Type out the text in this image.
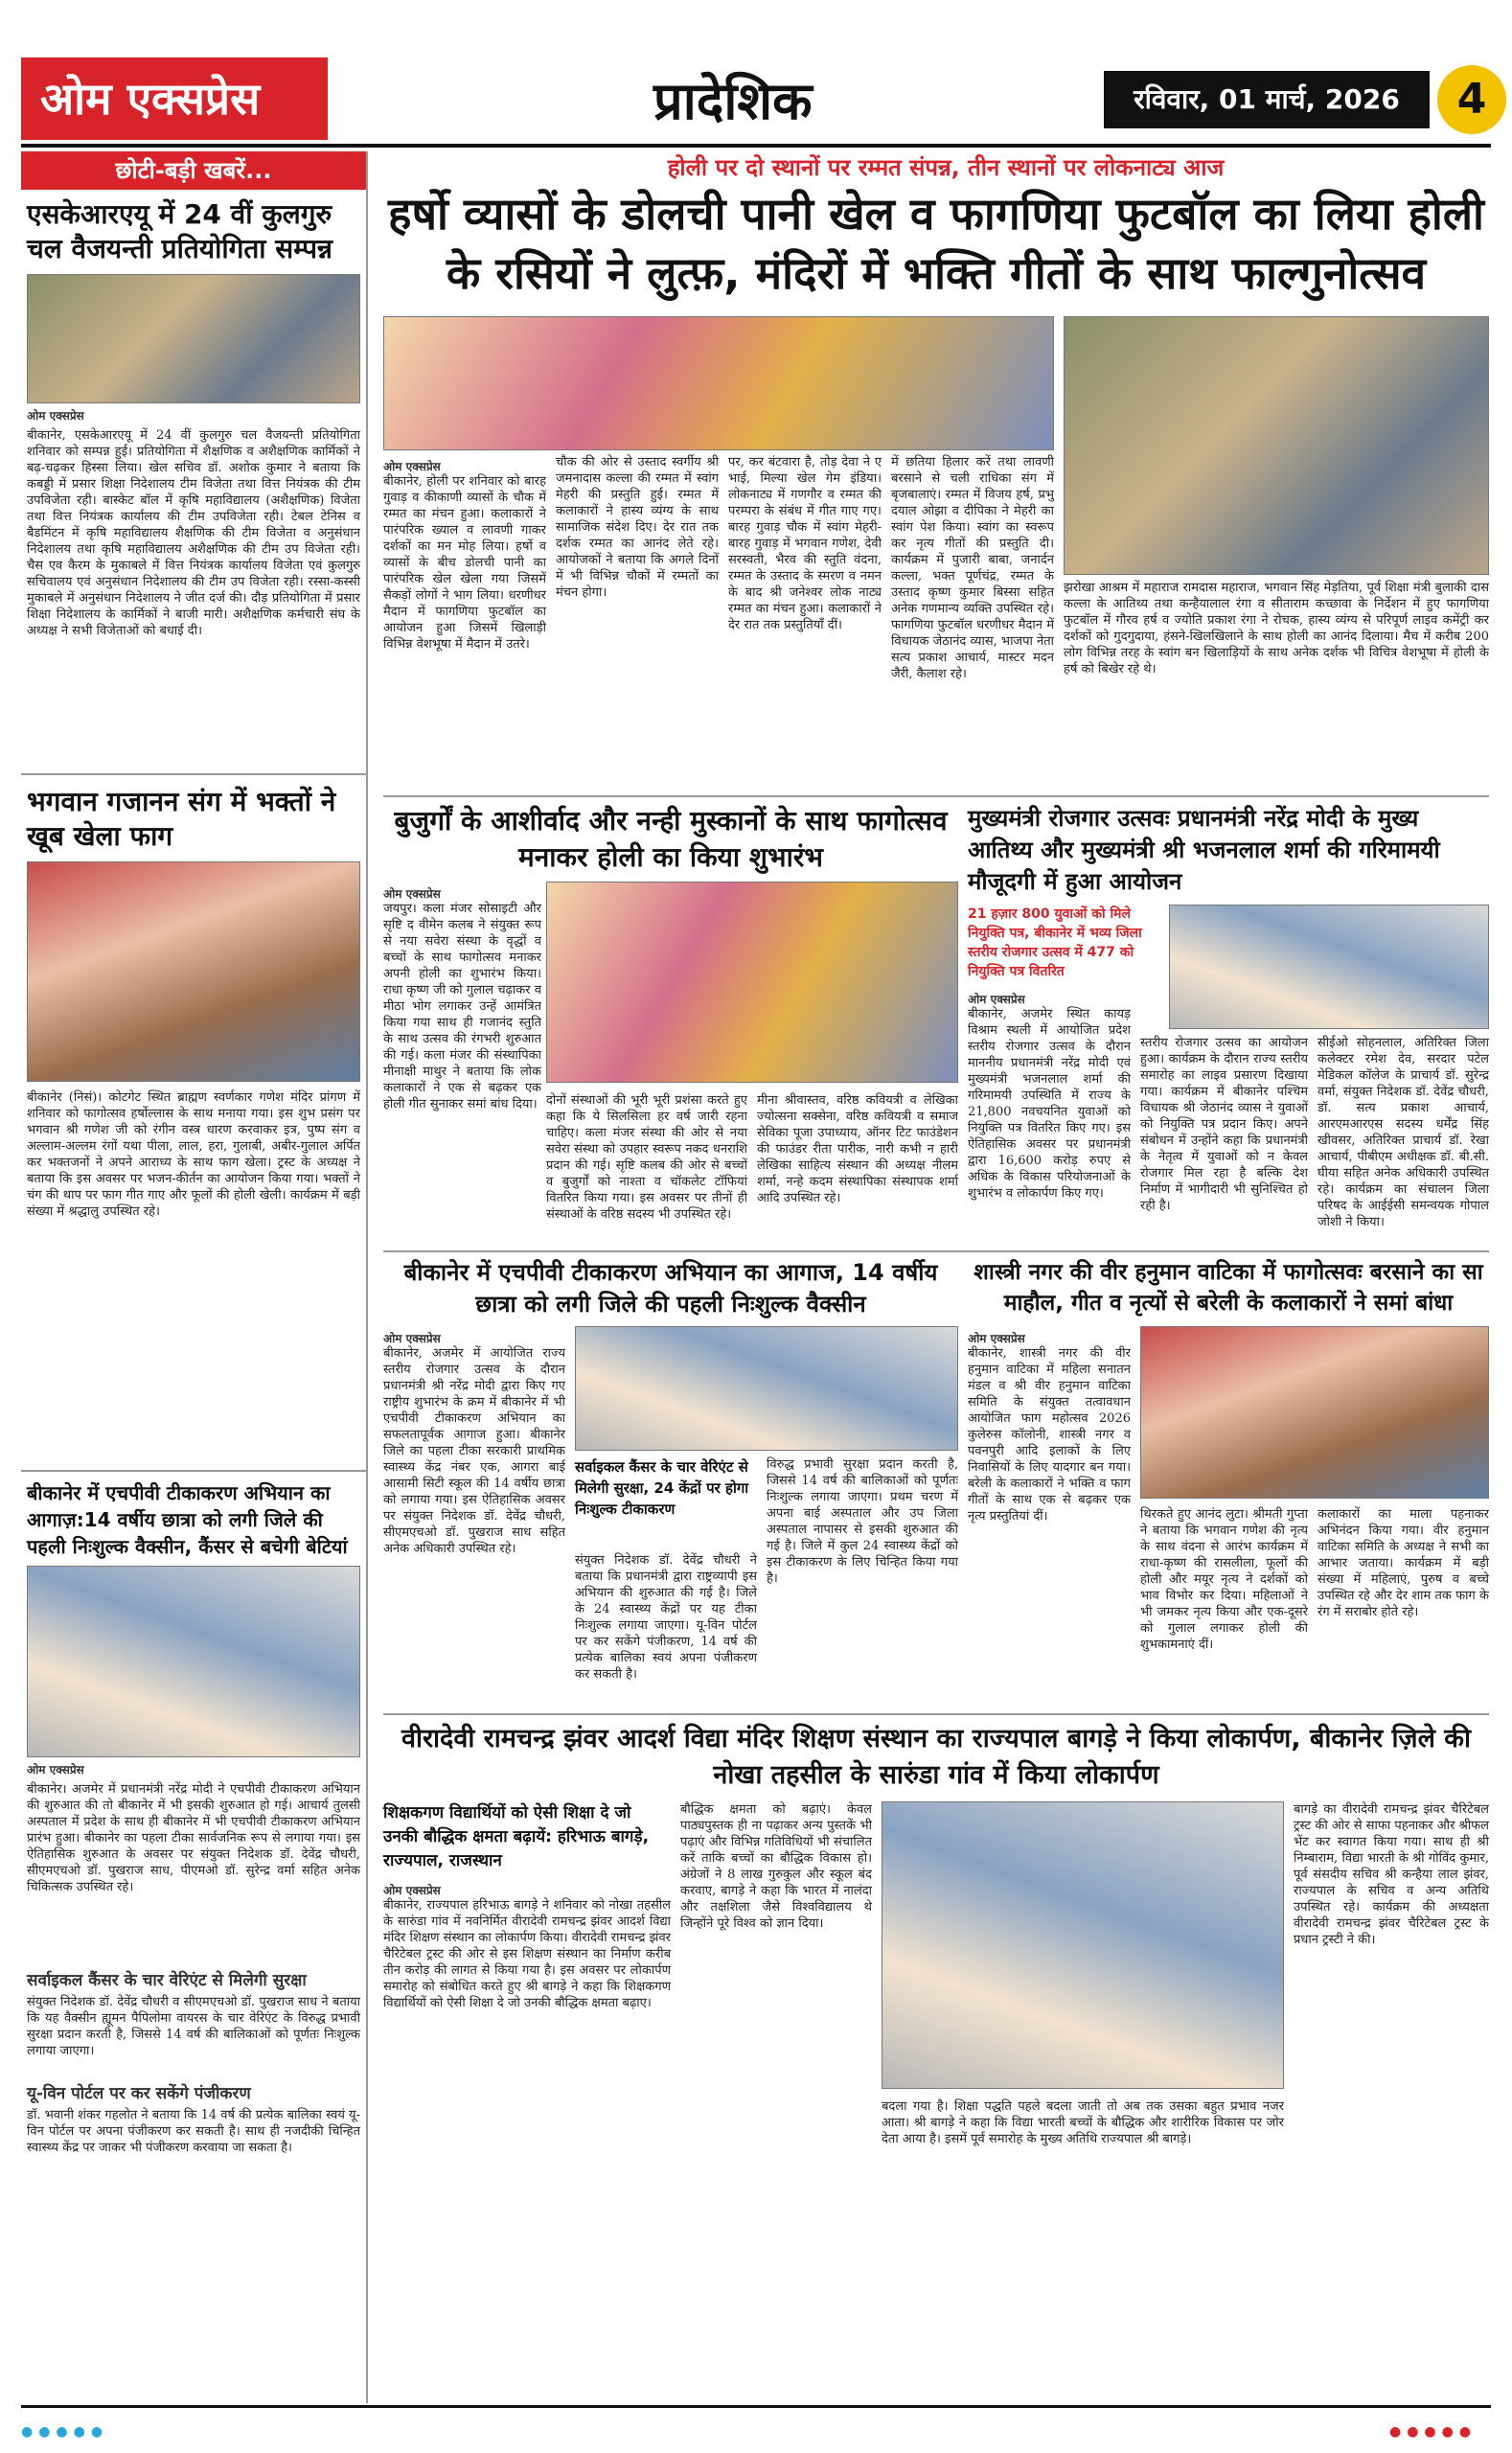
ओम एक्सप्रेस	प्रादेशिक	रविवार, 01 मार्च, 2026	4
छोटी-बड़ी खबरें...
एसकेआरएयू में 24 वीं कुलगुरु चल वैजयन्ती प्रतियोगिता सम्पन्न
ओम एक्सप्रेस
बीकानेर, एसकेआरएयू में 24 वीं कुलगुरु चल वैजयन्ती प्रतियोगिता शनिवार को सम्पन्न हुई। प्रतियोगिता में शैक्षणिक व अशैक्षणिक कार्मिकों ने बढ़-चढ़कर हिस्सा लिया। खेल सचिव डॉ. अशोक कुमार ने बताया कि कबड्डी में प्रसार शिक्षा निदेशालय टीम विजेता तथा वित्त नियंत्रक की टीम उपविजेता रही। बास्केट बॉल में कृषि महाविद्यालय (अशैक्षणिक) विजेता तथा वित्त नियंत्रक कार्यालय की टीम उपविजेता रही। टेबल टेनिस व बैडमिंटन में कृषि महाविद्यालय शैक्षणिक की टीम विजेता व अनुसंधान निदेशालय तथा कृषि महाविद्यालय अशैक्षणिक की टीम उप विजेता रही। चैस एव कैरम के मुकाबले में वित्त नियंत्रक कार्यालय विजेता एवं कुलगुरु सचिवालय एवं अनुसंधान निदेशालय की टीम उप विजेता रही। रस्सा-कस्सी मुकाबले में अनुसंधान निदेशालय ने जीत दर्ज की। दौड़ प्रतियोगिता में प्रसार शिक्षा निदेशालय के कार्मिकों ने बाजी मारी। अशैक्षणिक कर्मचारी संघ के अध्यक्ष ने सभी विजेताओं को बधाई दी।
भगवान गजानन संग में भक्तों ने खूब खेला फाग
बीकानेर (निसं)। कोटगेट स्थित ब्राह्मण स्वर्णकार गणेश मंदिर प्रांगण में शनिवार को फागोत्सव हर्षोल्लास के साथ मनाया गया। इस शुभ प्रसंग पर भगवान श्री गणेश जी को रंगीन वस्त्र धारण करवाकर इत्र, पुष्प संग व अल्लाम-अल्लम रंगों यथा पीला, लाल, हरा, गुलाबी, अबीर-गुलाल अर्पित कर भक्तजनों ने अपने आराध्य के साथ फाग खेला। ट्रस्ट के अध्यक्ष ने बताया कि इस अवसर पर भजन-कीर्तन का आयोजन किया गया। भक्तों ने चंग की थाप पर फाग गीत गाए और फूलों की होली खेली। कार्यक्रम में बड़ी संख्या में श्रद्धालु उपस्थित रहे।
बीकानेर में एचपीवी टीकाकरण अभियान का आगाज़:14 वर्षीय छात्रा को लगी जिले की पहली निःशुल्क वैक्सीन, कैंसर से बचेगी बेटियां
ओम एक्सप्रेस
बीकानेर। अजमेर में प्रधानमंत्री नरेंद्र मोदी ने एचपीवी टीकाकरण अभियान की शुरुआत की तो बीकानेर में भी इसकी शुरुआत हो गई। आचार्य तुलसी अस्पताल में प्रदेश के साथ ही बीकानेर में भी एचपीवी टीकाकरण अभियान प्रारंभ हुआ। बीकानेर का पहला टीका सार्वजनिक रूप से लगाया गया। इस ऐतिहासिक शुरुआत के अवसर पर संयुक्त निदेशक डॉ. देवेंद्र चौधरी, सीएमएचओ डॉ. पुखराज साध, पीएमओ डॉ. सुरेन्द्र वर्मा सहित अनेक चिकित्सक उपस्थित रहे।
सर्वाइकल कैंसर के चार वेरिएंट से मिलेगी सुरक्षा
संयुक्त निदेशक डॉ. देवेंद्र चौधरी व सीएमएचओ डॉ. पुखराज साध ने बताया कि यह वैक्सीन ह्यूमन पैपिलोमा वायरस के चार वेरिएंट के विरुद्ध प्रभावी सुरक्षा प्रदान करती है, जिससे 14 वर्ष की बालिकाओं को पूर्णतः निःशुल्क लगाया जाएगा।
यू-विन पोर्टल पर कर सकेंगे पंजीकरण
डॉ. भवानी शंकर गहलोत ने बताया कि 14 वर्ष की प्रत्येक बालिका स्वयं यू-विन पोर्टल पर अपना पंजीकरण कर सकती है। साथ ही नजदीकी चिन्हित स्वास्थ्य केंद्र पर जाकर भी पंजीकरण करवाया जा सकता है।
होली पर दो स्थानों पर रम्मत संपन्न, तीन स्थानों पर लोकनाट्य आज
हर्षो व्यासों के डोलची पानी खेल व फागणिया फुटबॉल का लिया होली के रसियों ने लुत्फ़, मंदिरों में भक्ति गीतों के साथ फाल्गुनोत्सव
ओम एक्सप्रेस
बीकानेर, होली पर शनिवार को बारह गुवाड़ व कीकाणी व्यासों के चौक में रम्मत का मंचन हुआ। कलाकारों ने पारंपरिक ख्याल व लावणी गाकर दर्शकों का मन मोह लिया। हर्षो व व्यासों के बीच डोलची पानी का पारंपरिक खेल खेला गया जिसमें सैकड़ों लोगों ने भाग लिया। धरणीधर मैदान में फागणिया फुटबॉल का आयोजन हुआ जिसमें खिलाड़ी विभिन्न वेशभूषा में मैदान में उतरे।
चौक की ओर से उस्ताद स्वर्गीय श्री जमनादास कल्ला की रम्मत में स्वांग मेहरी की प्रस्तुति हुई। रम्मत में कलाकारों ने हास्य व्यंग्य के साथ सामाजिक संदेश दिए। देर रात तक दर्शक रम्मत का आनंद लेते रहे। आयोजकों ने बताया कि अगले दिनों में भी विभिन्न चौकों में रम्मतों का मंचन होगा।
पर, कर बंटवारा है, तोड़ देवा ने ए भाई, मिल्या खेल गेम इंडिया। लोकनाट्य में गणगौर व रम्मत की परम्परा के संबंध में गीत गाए गए। बारह गुवाड़ चौक में स्वांग मेहरी-बारह गुवाड़ में भगवान गणेश, देवी सरस्वती, भैरव की स्तुति वंदना, रम्मत के उस्ताद के स्मरण व नमन के बाद श्री जनेश्वर लोक नाट्य रम्मत का मंचन हुआ। कलाकारों ने देर रात तक प्रस्तुतियाँ दीं।
में छतिया हिलार करें तथा लावणी बरसाने से चली राधिका संग में बृजबालाएं। रम्मत में विजय हर्ष, प्रभु दयाल ओझा व दीपिका ने मेहरी का स्वांग पेश किया। स्वांग का स्वरूप कर नृत्य गीतों की प्रस्तुति दी। कार्यक्रम में पुजारी बाबा, जनार्दन कल्ला, भक्त पूर्णचंद्र, रम्मत के उस्ताद कृष्ण कुमार बिस्सा सहित अनेक गणमान्य व्यक्ति उपस्थित रहे। फागणिया फुटबॉल धरणीधर मैदान में विधायक जेठानंद व्यास, भाजपा नेता सत्य प्रकाश आचार्य, मास्टर मदन जैरी, कैलाश रहे।
झरोखा आश्रम में महाराज रामदास महाराज, भगवान सिंह मेड़तिया, पूर्व शिक्षा मंत्री बुलाकी दास कल्ला के आतिथ्य तथा कन्हैयालाल रंगा व सीताराम कच्छावा के निर्देशन में हुए फागणिया फुटबॉल में गौरव हर्ष व ज्योति प्रकाश रंगा ने रोचक, हास्य व्यंग्य से परिपूर्ण लाइव कमेंट्री कर दर्शकों को गुदगुदाया, हंसने-खिलखिलाने के साथ होली का आनंद दिलाया। मैच में करीब 200 लोग विभिन्न तरह के स्वांग बन खिलाड़ियों के साथ अनेक दर्शक भी विचित्र वेशभूषा में होली के हर्ष को बिखेर रहे थे।
बुजुर्गों के आशीर्वाद और नन्ही मुस्कानों के साथ फागोत्सव मनाकर होली का किया शुभारंभ
ओम एक्सप्रेस
जयपुर। कला मंजर सोसाइटी और सृष्टि द वीमेन कलब ने संयुक्त रूप से नया सवेरा संस्था के वृद्धों व बच्चों के साथ फागोत्सव मनाकर अपनी होली का शुभारंभ किया। राधा कृष्ण जी को गुलाल चढ़ाकर व मीठा भोग लगाकर उन्हें आमंत्रित किया गया साथ ही गजानंद स्तुति के साथ उत्सव की रंगभरी शुरुआत की गई। कला मंजर की संस्थापिका मीनाक्षी माथुर ने बताया कि लोक कलाकारों ने एक से बढ़कर एक होली गीत सुनाकर समां बांध दिया। दोनों संस्थाओं की भूरी भूरी प्रशंसा करते हुए कहा कि ये सिलसिला हर वर्ष जारी रहना चाहिए। कला मंजर संस्था की ओर से नया सवेरा संस्था को उपहार स्वरूप नकद धनराशि प्रदान की गई। सृष्टि कलब की ओर से बच्चों व बुजुर्गों को नाश्ता व चॉकलेट टॉफियां वितरित किया गया। इस अवसर पर तीनों ही संस्थाओं के वरिष्ठ सदस्य भी उपस्थित रहे।
मीना श्रीवास्तव, वरिष्ठ कवियत्री व लेखिका ज्योत्सना सक्सेना, वरिष्ठ कवियत्री व समाज सेविका पूजा उपाध्याय, ऑनर टिट फाउंडेशन की फाउंडर रीता पारीक, नारी कभी न हारी लेखिका साहित्य संस्थान की अध्यक्ष नीलम शर्मा, नन्हे कदम संस्थापिका संस्थापक शर्मा आदि उपस्थित रहे।
मुख्यमंत्री रोजगार उत्सवः प्रधानमंत्री नरेंद्र मोदी के मुख्य आतिथ्य और मुख्यमंत्री श्री भजनलाल शर्मा की गरिमामयी मौजूदगी में हुआ आयोजन
21 हज़ार 800 युवाओं को मिले नियुक्ति पत्र, बीकानेर में भव्य जिला स्तरीय रोजगार उत्सव में 477 को नियुक्ति पत्र वितरित
ओम एक्सप्रेस
बीकानेर, अजमेर स्थित कायड़ विश्राम स्थली में आयोजित प्रदेश स्तरीय रोजगार उत्सव के दौरान माननीय प्रधानमंत्री नरेंद्र मोदी एवं मुख्यमंत्री भजनलाल शर्मा की गरिमामयी उपस्थिति में राज्य के 21,800 नवचयनित युवाओं को नियुक्ति पत्र वितरित किए गए। इस ऐतिहासिक अवसर पर प्रधानमंत्री द्वारा 16,600 करोड़ रुपए से अधिक के विकास परियोजनाओं के शुभारंभ व लोकार्पण किए गए।
स्तरीय रोजगार उत्सव का आयोजन हुआ। कार्यक्रम के दौरान राज्य स्तरीय समारोह का लाइव प्रसारण दिखाया गया। कार्यक्रम में बीकानेर पश्चिम विधायक श्री जेठानंद व्यास ने युवाओं को नियुक्ति पत्र प्रदान किए। अपने संबोधन में उन्होंने कहा कि प्रधानमंत्री के नेतृत्व में युवाओं को न केवल रोजगार मिल रहा है बल्कि देश निर्माण में भागीदारी भी सुनिश्चित हो रही है।
सीईओ सोहनलाल, अतिरिक्त जिला कलेक्टर रमेश देव, सरदार पटेल मेडिकल कॉलेज के प्राचार्य डॉ. सुरेन्द्र वर्मा, संयुक्त निदेशक डॉ. देवेंद्र चौधरी, डॉ. सत्य प्रकाश आचार्य, आरएमआरएस सदस्य धर्मेंद्र सिंह खीवसर, अतिरिक्त प्राचार्य डॉ. रेखा आचार्य, पीबीएम अधीक्षक डॉ. बी.सी. घीया सहित अनेक अधिकारी उपस्थित रहे। कार्यक्रम का संचालन जिला परिषद के आईईसी समन्वयक गोपाल जोशी ने किया।
बीकानेर में एचपीवी टीकाकरण अभियान का आगाज, 14 वर्षीय छात्रा को लगी जिले की पहली निःशुल्क वैक्सीन
ओम एक्सप्रेस
बीकानेर, अजमेर में आयोजित राज्य स्तरीय रोजगार उत्सव के दौरान प्रधानमंत्री श्री नरेंद्र मोदी द्वारा किए गए राष्ट्रीय शुभारंभ के क्रम में बीकानेर में भी एचपीवी टीकाकरण अभियान का सफलतापूर्वक आगाज हुआ। बीकानेर जिले का पहला टीका सरकारी प्राथमिक स्वास्थ्य केंद्र नंबर एक, आगरा बाई आसामी सिटी स्कूल की 14 वर्षीय छात्रा को लगाया गया। इस ऐतिहासिक अवसर पर संयुक्त निदेशक डॉ. देवेंद्र चौधरी, सीएमएचओ डॉ. पुखराज साध सहित अनेक अधिकारी उपस्थित रहे।
सर्वाइकल कैंसर के चार वेरिएंट से मिलेगी सुरक्षा, 24 केंद्रों पर होगा निःशुल्क टीकाकरण
संयुक्त निदेशक डॉ. देवेंद्र चौधरी ने बताया कि प्रधानमंत्री द्वारा राष्ट्रव्यापी इस अभियान की शुरुआत की गई है। जिले के 24 स्वास्थ्य केंद्रों पर यह टीका निःशुल्क लगाया जाएगा। यू-विन पोर्टल पर कर सकेंगे पंजीकरण, 14 वर्ष की प्रत्येक बालिका स्वयं अपना पंजीकरण कर सकती है।
विरुद्ध प्रभावी सुरक्षा प्रदान करती है, जिससे 14 वर्ष की बालिकाओं को पूर्णतः निःशुल्क लगाया जाएगा। प्रथम चरण में अपना बाई अस्पताल और उप जिला अस्पताल नापासर से इसकी शुरुआत की गई है। जिले में कुल 24 स्वास्थ्य केंद्रों को इस टीकाकरण के लिए चिन्हित किया गया है।
शास्त्री नगर की वीर हनुमान वाटिका में फागोत्सवः बरसाने का सा माहौल, गीत व नृत्यों से बरेली के कलाकारों ने समां बांधा
ओम एक्सप्रेस
बीकानेर, शास्त्री नगर की वीर हनुमान वाटिका में महिला सनातन मंडल व श्री वीर हनुमान वाटिका समिति के संयुक्त तत्वावधान आयोजित फाग महोत्सव 2026 कुलेरुस कॉलोनी, शास्त्री नगर व पवनपुरी आदि इलाकों के लिए निवासियों के लिए यादगार बन गया। बरेली के कलाकारों ने भक्ति व फाग गीतों के साथ एक से बढ़कर एक नृत्य प्रस्तुतियां दीं।	थिरकते हुए आनंद लुटा। श्रीमती गुप्ता ने बताया कि भगवान गणेश की नृत्य के साथ वंदना से आरंभ कार्यक्रम में राधा-कृष्ण की रासलीला, फूलों की होली और मयूर नृत्य ने दर्शकों को भाव विभोर कर दिया। महिलाओं ने भी जमकर नृत्य किया और एक-दूसरे को गुलाल लगाकर होली की शुभकामनाएं दीं।
कलाकारों का माला पहनाकर अभिनंदन किया गया। वीर हनुमान वाटिका समिति के अध्यक्ष ने सभी का आभार जताया। कार्यक्रम में बड़ी संख्या में महिलाएं, पुरुष व बच्चे उपस्थित रहे और देर शाम तक फाग के रंग में सराबोर होते रहे।
वीरादेवी रामचन्द्र झंवर आदर्श विद्या मंदिर शिक्षण संस्थान का राज्यपाल बागड़े ने किया लोकार्पण, बीकानेर ज़िले की नोखा तहसील के सारुंडा गांव में किया लोकार्पण
शिक्षकगण विद्यार्थियों को ऐसी शिक्षा दे जो उनकी बौद्धिक क्षमता बढ़ायें: हरिभाऊ बागड़े, राज्यपाल, राजस्थान
ओम एक्सप्रेस
बीकानेर, राज्यपाल हरिभाऊ बागड़े ने शनिवार को नोखा तहसील के सारुंडा गांव में नवनिर्मित वीरादेवी रामचन्द्र झंवर आदर्श विद्या मंदिर शिक्षण संस्थान का लोकार्पण किया। वीरादेवी रामचन्द्र झंवर चैरिटेबल ट्रस्ट की ओर से इस शिक्षण संस्थान का निर्माण करीब तीन करोड़ की लागत से किया गया है। इस अवसर पर लोकार्पण समारोह को संबोधित करते हुए श्री बागड़े ने कहा कि शिक्षकगण विद्यार्थियों को ऐसी शिक्षा दे जो उनकी बौद्धिक क्षमता बढ़ाए।
बौद्धिक क्षमता को बढ़ाएं। केवल पाठ्यपुस्तक ही ना पढ़ाकर अन्य पुस्तकें भी पढ़ाएं और विभिन्न गतिविधियों भी संचालित करें ताकि बच्चों का बौद्धिक विकास हो। अंग्रेजों ने 8 लाख गुरुकुल और स्कूल बंद करवाए, बागड़े ने कहा कि भारत में नालंदा और तक्षशिला जैसे विश्वविद्यालय थे जिन्होंने पूरे विश्व को ज्ञान दिया।
बदला गया है। शिक्षा पद्धति पहले बदला जाती तो अब तक उसका बहुत प्रभाव नजर आता। श्री बागड़े ने कहा कि विद्या भारती बच्चों के बौद्धिक और शारीरिक विकास पर जोर देता आया है। इसमें पूर्व समारोह के मुख्य अतिथि राज्यपाल श्री बागड़े।
बागड़े का वीरादेवी रामचन्द्र झंवर चैरिटेबल ट्रस्ट की ओर से साफा पहनाकर और श्रीफल भेंट कर स्वागत किया गया। साथ ही श्री निम्बाराम, विद्या भारती के श्री गोविंद कुमार, पूर्व संसदीय सचिव श्री कन्हैया लाल झंवर, राज्यपाल के सचिव व अन्य अतिथि उपस्थित रहे। कार्यक्रम की अध्यक्षता वीरादेवी रामचन्द्र झंवर चैरिटेबल ट्रस्ट के प्रधान ट्रस्टी ने की।
●●●●●	●●●●●
